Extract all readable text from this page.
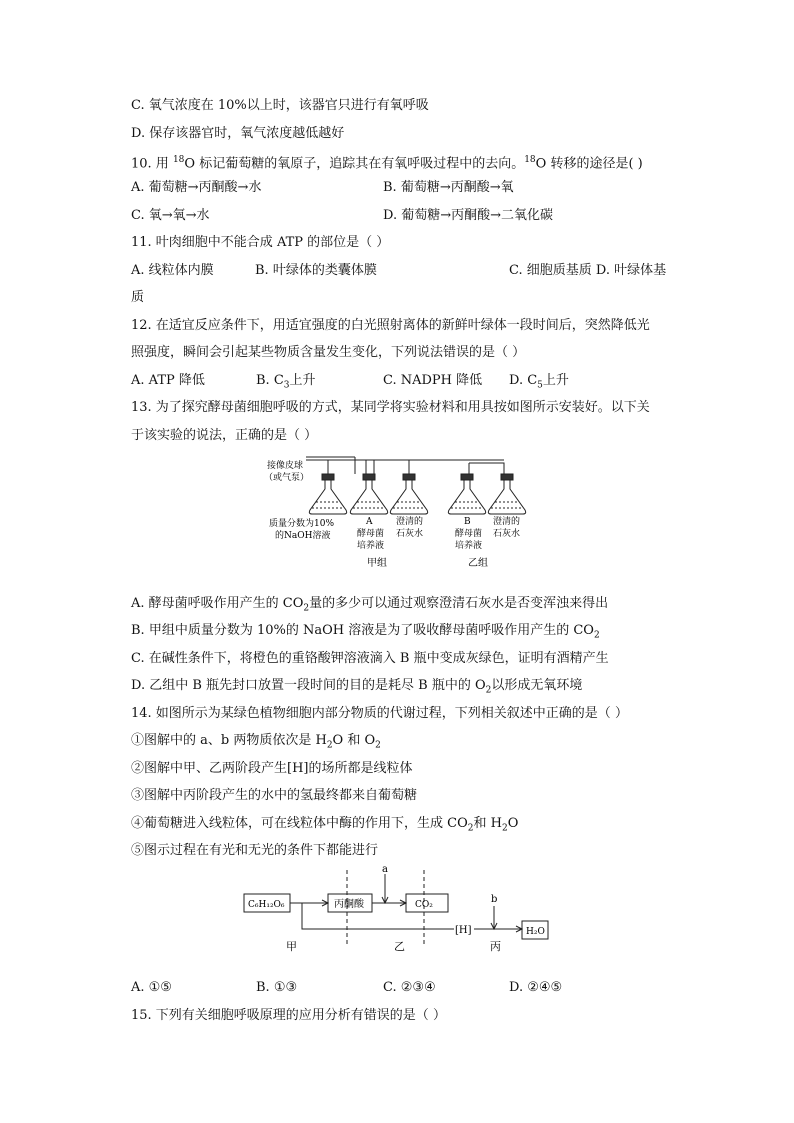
C. 氧气浓度在 10%以上时，该器官只进行有氧呼吸
D. 保存该器官时，氧气浓度越低越好
10. 用 $^{18}$O 标记葡萄糖的氧原子，追踪其在有氧呼吸过程中的去向。$^{18}$O 转移的途径是( )
A. 葡萄糖→丙酮酸→水	B. 葡萄糖→丙酮酸→氧
C. 氧→氧→水	D. 葡萄糖→丙酮酸→二氧化碳
11. 叶肉细胞中不能合成 ATP 的部位是（ ）
A. 线粒体内膜	B. 叶绿体的类囊体膜	C. 细胞质基质 D. 叶绿体基
质
12. 在适宜反应条件下，用适宜强度的白光照射离体的新鲜叶绿体一段时间后，突然降低光
照强度，瞬间会引起某些物质含量发生变化，下列说法错误的是（ ）
A. ATP 降低	B. $C_3$上升	C. NADPH 降低 D. $C_5$上升
13. 为了探究酵母菌细胞呼吸的方式，某同学将实验材料和用具按如图所示安装好。以下关
于该实验的说法，正确的是（ ）
接像皮球
（或气泵）
质量分数为10%
的NaOH溶液
A
酵母菌
培养液
澄清的
石灰水
B
酵母菌
培养液
澄清的
石灰水
甲组	乙组
A. 酵母菌呼吸作用产生的 $CO_2$量的多少可以通过观察澄清石灰水是否变浑浊来得出
B. 甲组中质量分数为 10%的 NaOH 溶液是为了吸收酵母菌呼吸作用产生的 $CO_2$
C. 在碱性条件下，将橙色的重铬酸钾溶液滴入 B 瓶中变成灰绿色，证明有酒精产生
D. 乙组中 B 瓶先封口放置一段时间的目的是耗尽 B 瓶中的 $O_2$以形成无氧环境
14. 如图所示为某绿色植物细胞内部分物质的代谢过程，下列相关叙述中正确的是（ ）
①图解中的 a、b 两物质依次是 $H_2O$ 和 $O_2$
②图解中甲、乙两阶段产生[H]的场所都是线粒体
③图解中丙阶段产生的水中的氢最终都来自葡萄糖
④葡萄糖进入线粒体，可在线粒体中酶的作用下，生成 $CO_2$和 $H_2O$
⑤图示过程在有光和无光的条件下都能进行
C₆H₁₂O₆	丙酮酸	CO₂
[H]	H₂O
a
b
甲	乙	丙
A. ①⑤	B. ①③	C. ②③④	D. ②④⑤
15. 下列有关细胞呼吸原理的应用分析有错误的是（ ）
